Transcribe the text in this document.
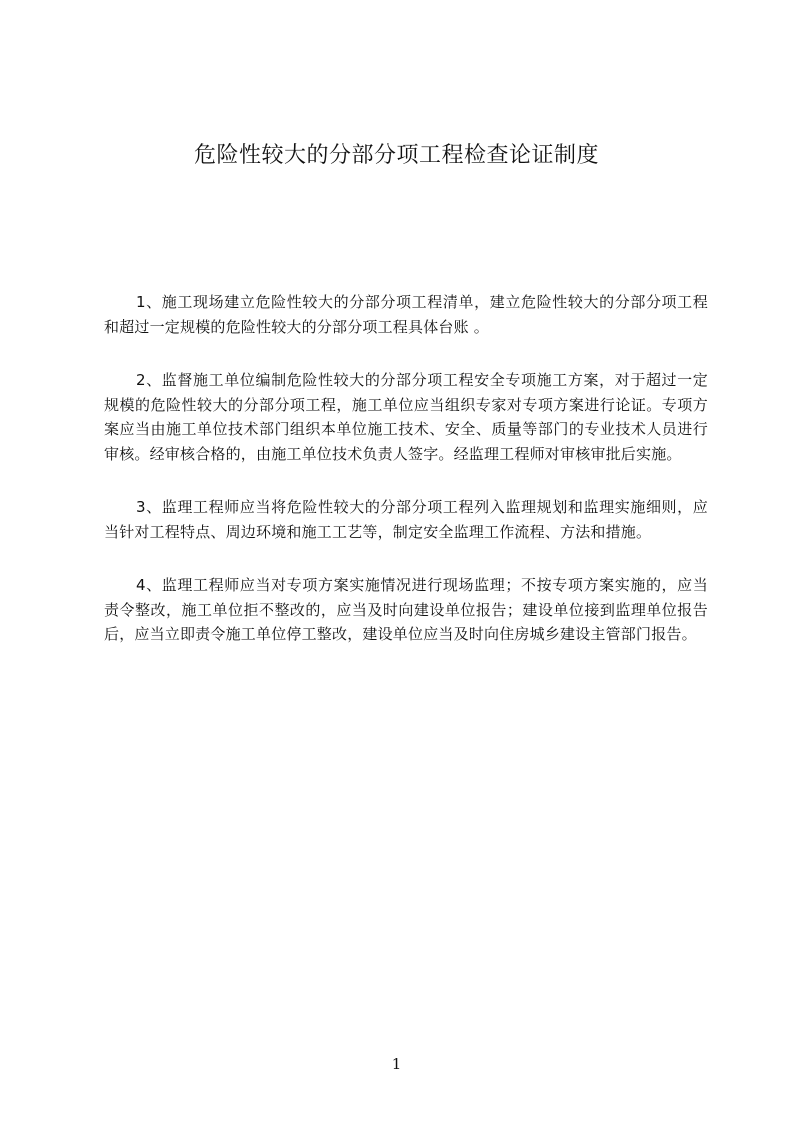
危险性较大的分部分项工程检查论证制度

1、施工现场建立危险性较大的分部分项工程清单，建立危险性较大的分部分项工程和超过一定规模的危险性较大的分部分项工程具体台账 。

2、监督施工单位编制危险性较大的分部分项工程安全专项施工方案，对于超过一定规模的危险性较大的分部分项工程，施工单位应当组织专家对专项方案进行论证。专项方案应当由施工单位技术部门组织本单位施工技术、安全、质量等部门的专业技术人员进行审核。经审核合格的，由施工单位技术负责人签字。经监理工程师对审核审批后实施。

3、监理工程师应当将危险性较大的分部分项工程列入监理规划和监理实施细则，应当针对工程特点、周边环境和施工工艺等，制定安全监理工作流程、方法和措施。

4、监理工程师应当对专项方案实施情况进行现场监理；不按专项方案实施的，应当责令整改，施工单位拒不整改的，应当及时向建设单位报告；建设单位接到监理单位报告后，应当立即责令施工单位停工整改，建设单位应当及时向住房城乡建设主管部门报告。

1
